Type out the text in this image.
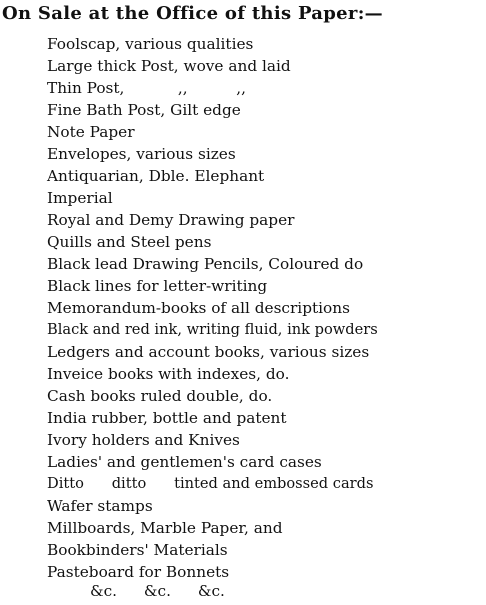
On Sale at the Office of this Paper:—
Foolscap, various qualities
Large thick Post, wove and laid
Thin Post,           ,,          ,,
Fine Bath Post, Gilt edge
Note Paper
Envelopes, various sizes
Antiquarian, Dble. Elephant
Imperial
Royal and Demy Drawing paper
Quills and Steel pens
Black lead Drawing Pencils, Coloured do
Black lines for letter-writing
Memorandum-books of all descriptions
Black and red ink, writing fluid, ink powders
Ledgers and account books, various sizes
Inveice books with indexes, do.
Cash books ruled double, do.
India rubber, bottle and patent
Ivory holders and Knives
Ladies' and gentlemen's card cases
Ditto      ditto      tinted and embossed cards
Wafer stamps
Millboards, Marble Paper, and
Bookbinders' Materials
Pasteboard for Bonnets
&c. &c. &c.
